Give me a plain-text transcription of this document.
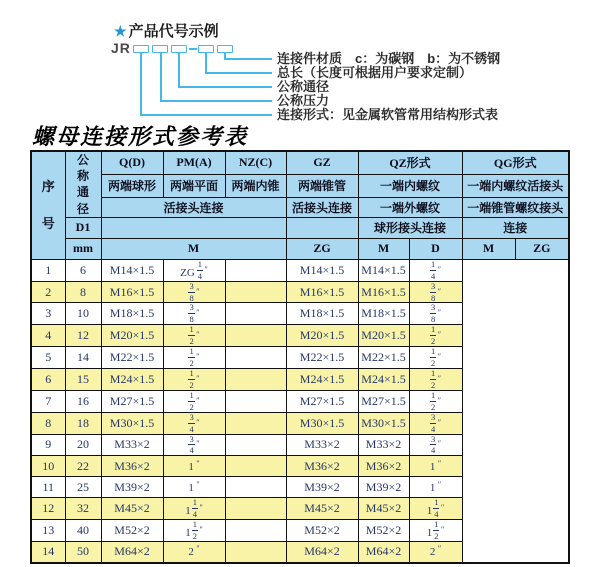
★ 产品代号示例
JR
连接件材质　c：为碳钢　b：为不锈钢
总长（长度可根据用户要求定制）
公称通径
公称压力
连接形式：见金属软管常用结构形式表
螺母连接形式参考表
序号	公称通径	Q(D)	PM(A)	NZ(C)	GZ	QZ形式		QG形式	
		两端球形	两端平面	两端内锥	两端锥管	一端内螺纹		一端内螺纹活接头	
		活接头连接			活接头连接	一端外螺纹		一端锥管螺纹接头	
	D1					球形接头连接		连接	
	mm	M			ZG	M	D	M	ZG
1	6	M14×1.5	ZG $\frac{1}{4} ''$		M14×1.5	M14×1.5	$\frac{1}{4} ''$
2	8	M16×1.5	$\frac{3}{8} ''$		M16×1.5	M16×1.5	$\frac{3}{8} ''$
3	10	M18×1.5	$\frac{3}{8} ''$		M18×1.5	M18×1.5	$\frac{3}{8} ''$
4	12	M20×1.5	$\frac{1}{2} ''$		M20×1.5	M20×1.5	$\frac{1}{2} ''$
5	14	M22×1.5	$\frac{1}{2} ''$		M22×1.5	M22×1.5	$\frac{1}{2} ''$
6	15	M24×1.5	$\frac{1}{2} ''$		M24×1.5	M24×1.5	$\frac{1}{2} ''$
7	16	M27×1.5	$\frac{1}{2} ''$		M27×1.5	M27×1.5	$\frac{1}{2} ''$
8	18	M30×1.5	$\frac{3}{4} ''$		M30×1.5	M30×1.5	$\frac{3}{4} ''$
9	20	M33×2	$\frac{3}{4} ''$		M33×2	M33×2	$\frac{3}{4} ''$
10	22	M36×2	1 ″		M36×2	M36×2	1 ″
11	25	M39×2	1 ″		M39×2	M39×2	1 ″
12	32	M45×2	$1 \frac{1}{4} ''$		M45×2	M45×2	$1 \frac{1}{4} ''$
13	40	M52×2	$1 \frac{1}{2} ''$		M52×2	M52×2	$1 \frac{1}{2} ''$
14	50	M64×2	2 ″		M64×2	M64×2	2 ″
